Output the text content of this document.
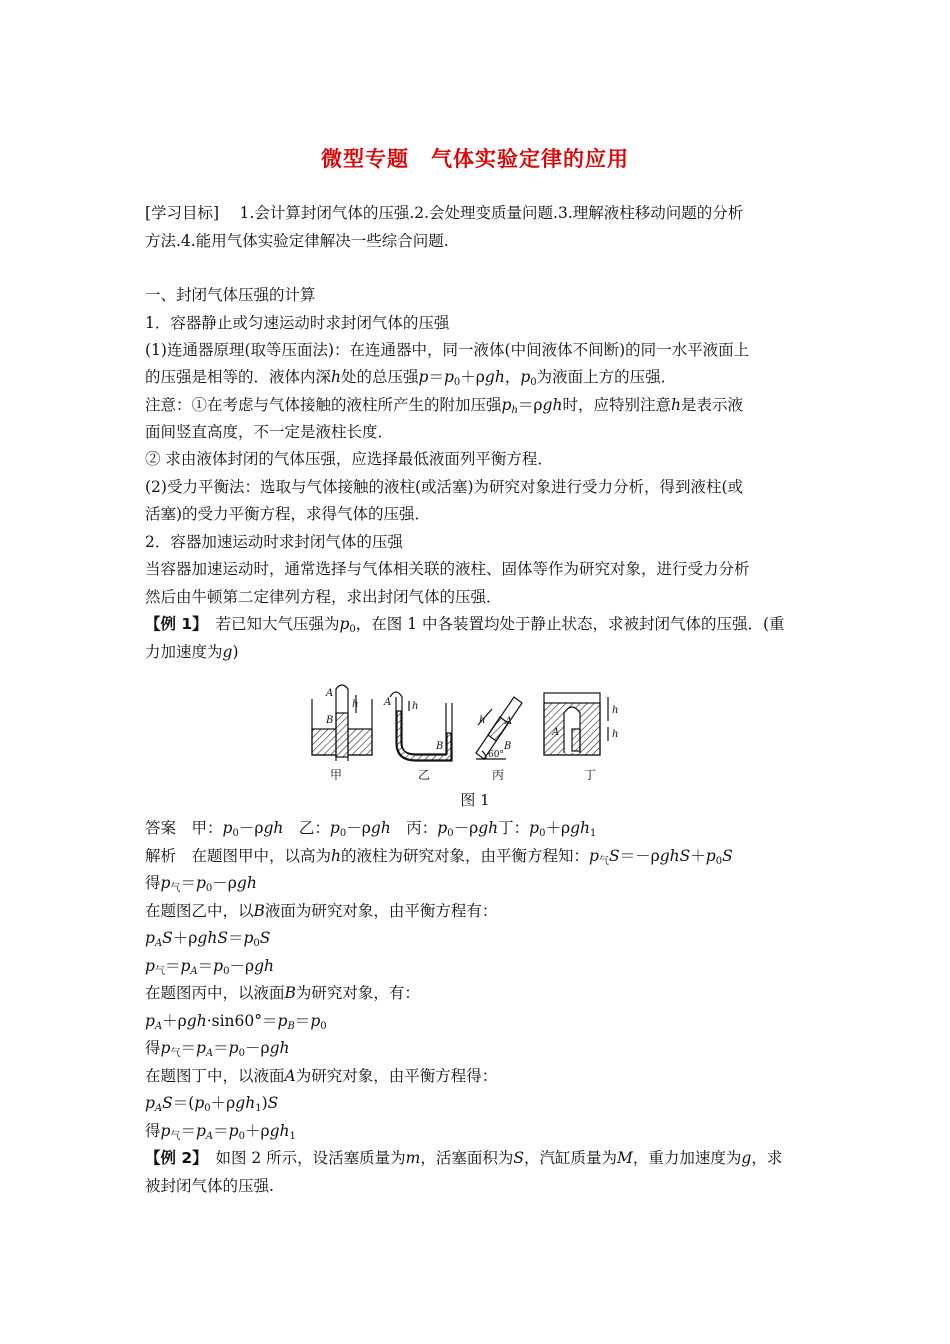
微型专题　气体实验定律的应用
[学习目标]　 1.会计算封闭气体的压强.2.会处理变质量问题.3.理解液柱移动问题的分析
方法.4.能用气体实验定律解决一些综合问题.
一、封闭气体压强的计算
1．容器静止或匀速运动时求封闭气体的压强
(1)连通器原理(取等压面法)：在连通器中，同一液体(中间液体不间断)的同一水平液面上
的压强是相等的．液体内深h处的总压强$p=p_0+\rho gh$，$p_0$为液面上方的压强．
注意：①在考虑与气体接触的液柱所产生的附加压强$p_h=\rho gh$时，应特别注意h是表示液
面间竖直高度，不一定是液柱长度．
② 求由液体封闭的气体压强，应选择最低液面列平衡方程．
(2)受力平衡法：选取与气体接触的液柱(或活塞)为研究对象进行受力分析，得到液柱(或
活塞)的受力平衡方程，求得气体的压强．
2．容器加速运动时求封闭气体的压强
当容器加速运动时，通常选择与气体相关联的液柱、固体等作为研究对象，进行受力分析
然后由牛顿第二定律列方程，求出封闭气体的压强．
【例 1】　 若已知大气压强为$p_0$，在图 1 中各装置均处于静止状态，求被封闭气体的压强．(重
力加速度为g)
A
B
h	A h
B
h A
B
A
h
h
甲	乙	丙	丁
60°
图 1
答案　 甲：$p_0-\rho gh$　 乙：$p_0-\rho gh$　 丙：$p_0-\rho gh$丁：$p_0+\rho gh_1$
解析　 在题图甲中，以高为h的液柱为研究对象，由平衡方程知：$p_气S=-\rho ghS+p_0S$
得$p_气=p_0-\rho gh$
在题图乙中，以B液面为研究对象，由平衡方程有：
$p_AS+\rho ghS=p_0S$
$p_气=p_A=p_0-\rho gh$
在题图丙中，以液面B为研究对象，有：
$p_A+\rho gh\cdot\sin 60^\circ=p_B=p_0$
得$p_气=p_A=p_0-\rho gh$
在题图丁中，以液面A为研究对象，由平衡方程得：
$p_AS=(p_0+\rho gh_1)S$
得$p_气=p_A=p_0+\rho gh_1$
【例 2】　 如图 2 所示，设活塞质量为m，活塞面积为S，汽缸质量为M，重力加速度为g，求
被封闭气体的压强.
